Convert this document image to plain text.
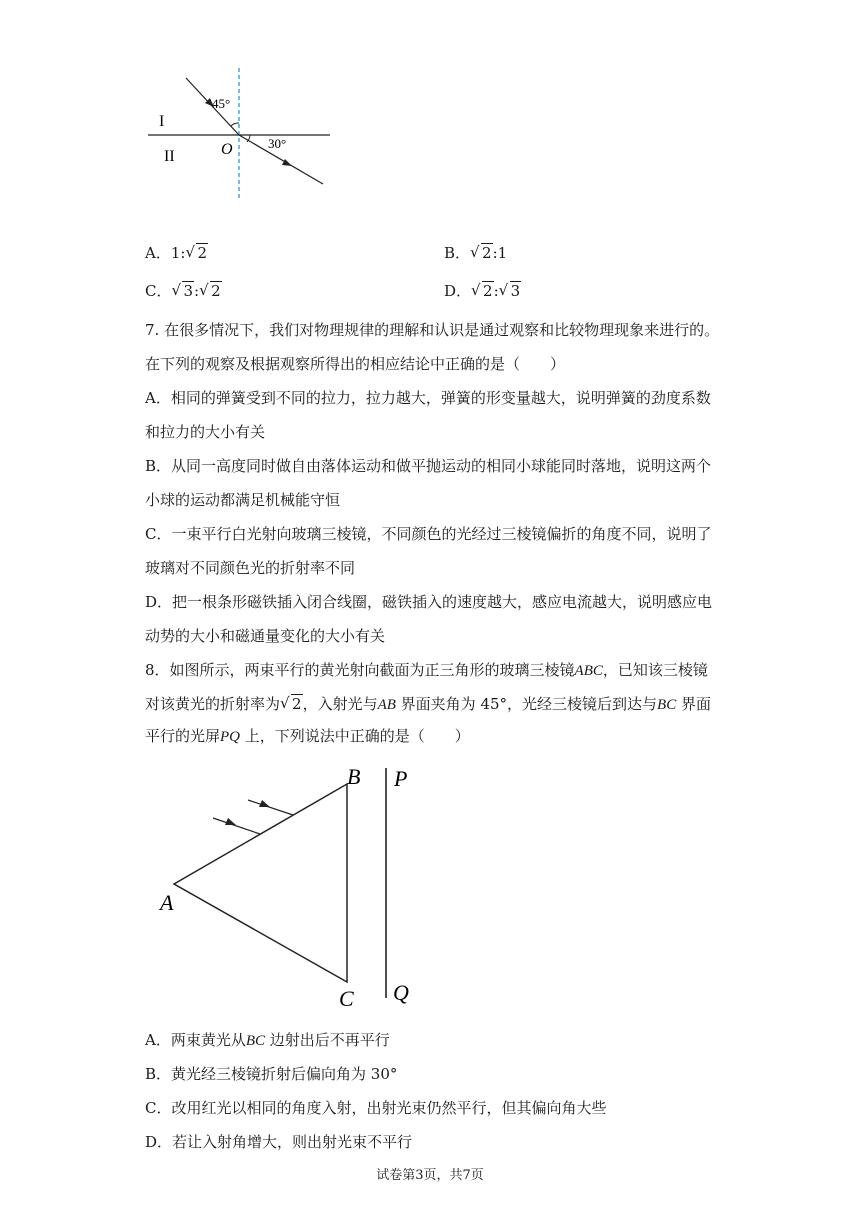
45°
30°
I
II	O
A．1: √ 2	B． √ 2:1
C． √ 3: √ 2	D． √ 2: √ 3
7. 在很多情况下，我们对物理规律的理解和认识是通过观察和比较物理现象来进行的。
在下列的观察及根据观察所得出的相应结论中正确的是（　　）
A．相同的弹簧受到不同的拉力，拉力越大，弹簧的形变量越大，说明弹簧的劲度系数
和拉力的大小有关
B．从同一高度同时做自由落体运动和做平抛运动的相同小球能同时落地，说明这两个
小球的运动都满足机械能守恒
C．一束平行白光射向玻璃三棱镜，不同颜色的光经过三棱镜偏折的角度不同，说明了
玻璃对不同颜色光的折射率不同
D．把一根条形磁铁插入闭合线圈，磁铁插入的速度越大，感应电流越大，说明感应电
动势的大小和磁通量变化的大小有关
8．如图所示，两束平行的黄光射向截面为正三角形的玻璃三棱镜ABC，已知该三棱镜
对该黄光的折射率为 √ 2，入射光与AB 界面夹角为 45°，光经三棱镜后到达与BC 界面
平行的光屏PQ 上，下列说法中正确的是（　　）
A
B
C
P
Q
A．两束黄光从BC 边射出后不再平行
B．黄光经三棱镜折射后偏向角为 30°
C．改用红光以相同的角度入射，出射光束仍然平行，但其偏向角大些
D．若让入射角增大，则出射光束不平行
试卷第3页，共7页
